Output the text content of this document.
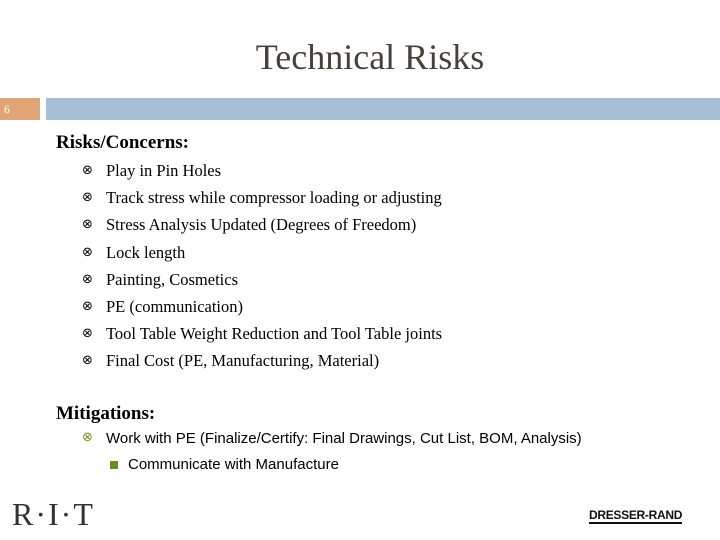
Technical Risks
6
Risks/Concerns:
⊗ Play in Pin Holes
⊗ Track stress while compressor loading or adjusting
⊗ Stress Analysis Updated (Degrees of Freedom)
⊗ Lock length
⊗ Painting, Cosmetics
⊗ PE (communication)
⊗ Tool Table Weight Reduction and Tool Table joints
⊗ Final Cost (PE, Manufacturing, Material)
Mitigations:
⊗ Work with PE (Finalize/Certify: Final Drawings, Cut List, BOM, Analysis)
Communicate with Manufacture
R·I·T	DRESSER-RAND
